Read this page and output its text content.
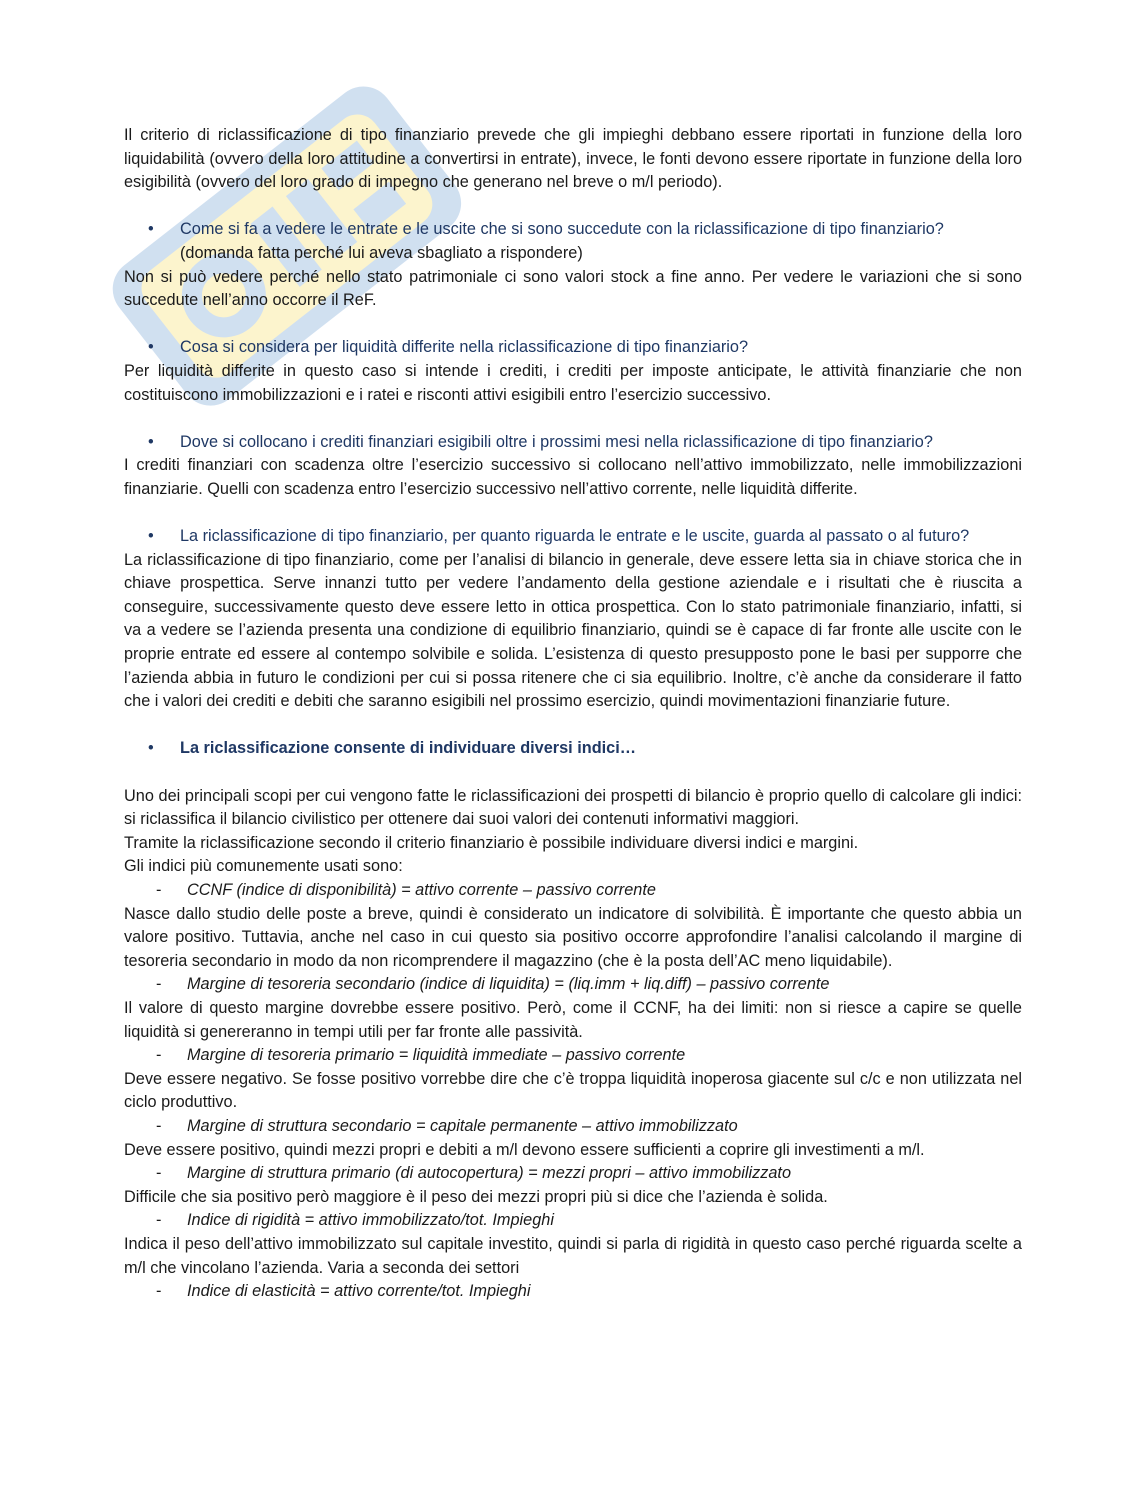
Il criterio di riclassificazione di tipo finanziario prevede che gli impieghi debbano essere riportati in funzione della loro liquidabilità (ovvero della loro attitudine a convertirsi in entrate), invece, le fonti devono essere riportate in funzione della loro esigibilità (ovvero del loro grado di impegno che generano nel breve o m/l periodo).

• Come si fa a vedere le entrate e le uscite che si sono succedute con la riclassificazione di tipo finanziario?
(domanda fatta perché lui aveva sbagliato a rispondere)

Non si può vedere perché nello stato patrimoniale ci sono valori stock a fine anno. Per vedere le variazioni che si sono succedute nell’anno occorre il ReF.

• Cosa si considera per liquidità differite nella riclassificazione di tipo finanziario?

Per liquidità differite in questo caso si intende i crediti, i crediti per imposte anticipate, le attività finanziarie che non costituiscono immobilizzazioni e i ratei e risconti attivi esigibili entro l’esercizio successivo.

• Dove si collocano i crediti finanziari esigibili oltre i prossimi mesi nella riclassificazione di tipo finanziario?

I crediti finanziari con scadenza oltre l’esercizio successivo si collocano nell’attivo immobilizzato, nelle immobilizzazioni finanziarie. Quelli con scadenza entro l’esercizio successivo nell’attivo corrente, nelle liquidità differite.

• La riclassificazione di tipo finanziario, per quanto riguarda le entrate e le uscite, guarda al passato o al futuro?

La riclassificazione di tipo finanziario, come per l’analisi di bilancio in generale, deve essere letta sia in chiave storica che in chiave prospettica. Serve innanzi tutto per vedere l’andamento della gestione aziendale e i risultati che è riuscita a conseguire, successivamente questo deve essere letto in ottica prospettica. Con lo stato patrimoniale finanziario, infatti, si va a vedere se l’azienda presenta una condizione di equilibrio finanziario, quindi se è capace di far fronte alle uscite con le proprie entrate ed essere al contempo solvibile e solida. L’esistenza di questo presupposto pone le basi per supporre che l’azienda abbia in futuro le condizioni per cui si possa ritenere che ci sia equilibrio. Inoltre, c’è anche da considerare il fatto che i valori dei crediti e debiti che saranno esigibili nel prossimo esercizio, quindi movimentazioni finanziarie future.

• La riclassificazione consente di individuare diversi indici…

Uno dei principali scopi per cui vengono fatte le riclassificazioni dei prospetti di bilancio è proprio quello di calcolare gli indici: si riclassifica il bilancio civilistico per ottenere dai suoi valori dei contenuti informativi maggiori.

Tramite la riclassificazione secondo il criterio finanziario è possibile individuare diversi indici e margini.

Gli indici più comunemente usati sono:

- CCNF (indice di disponibilità) = attivo corrente – passivo corrente

Nasce dallo studio delle poste a breve, quindi è considerato un indicatore di solvibilità. È importante che questo abbia un valore positivo. Tuttavia, anche nel caso in cui questo sia positivo occorre approfondire l’analisi calcolando il margine di tesoreria secondario in modo da non ricomprendere il magazzino (che è la posta dell’AC meno liquidabile).

- Margine di tesoreria secondario (indice di liquidita) = (liq.imm + liq.diff) – passivo corrente

Il valore di questo margine dovrebbe essere positivo. Però, come il CCNF, ha dei limiti: non si riesce a capire se quelle liquidità si genereranno in tempi utili per far fronte alle passività.

- Margine di tesoreria primario = liquidità immediate – passivo corrente

Deve essere negativo. Se fosse positivo vorrebbe dire che c’è troppa liquidità inoperosa giacente sul c/c e non utilizzata nel ciclo produttivo.

- Margine di struttura secondario = capitale permanente – attivo immobilizzato

Deve essere positivo, quindi mezzi propri e debiti a m/l devono essere sufficienti a coprire gli investimenti a m/l.

- Margine di struttura primario (di autocopertura) = mezzi propri – attivo immobilizzato

Difficile che sia positivo però maggiore è il peso dei mezzi propri più si dice che l’azienda è solida.

- Indice di rigidità = attivo immobilizzato/tot. Impieghi

Indica il peso dell’attivo immobilizzato sul capitale investito, quindi si parla di rigidità in questo caso perché riguarda scelte a m/l che vincolano l’azienda. Varia a seconda dei settori

- Indice di elasticità = attivo corrente/tot. Impieghi
